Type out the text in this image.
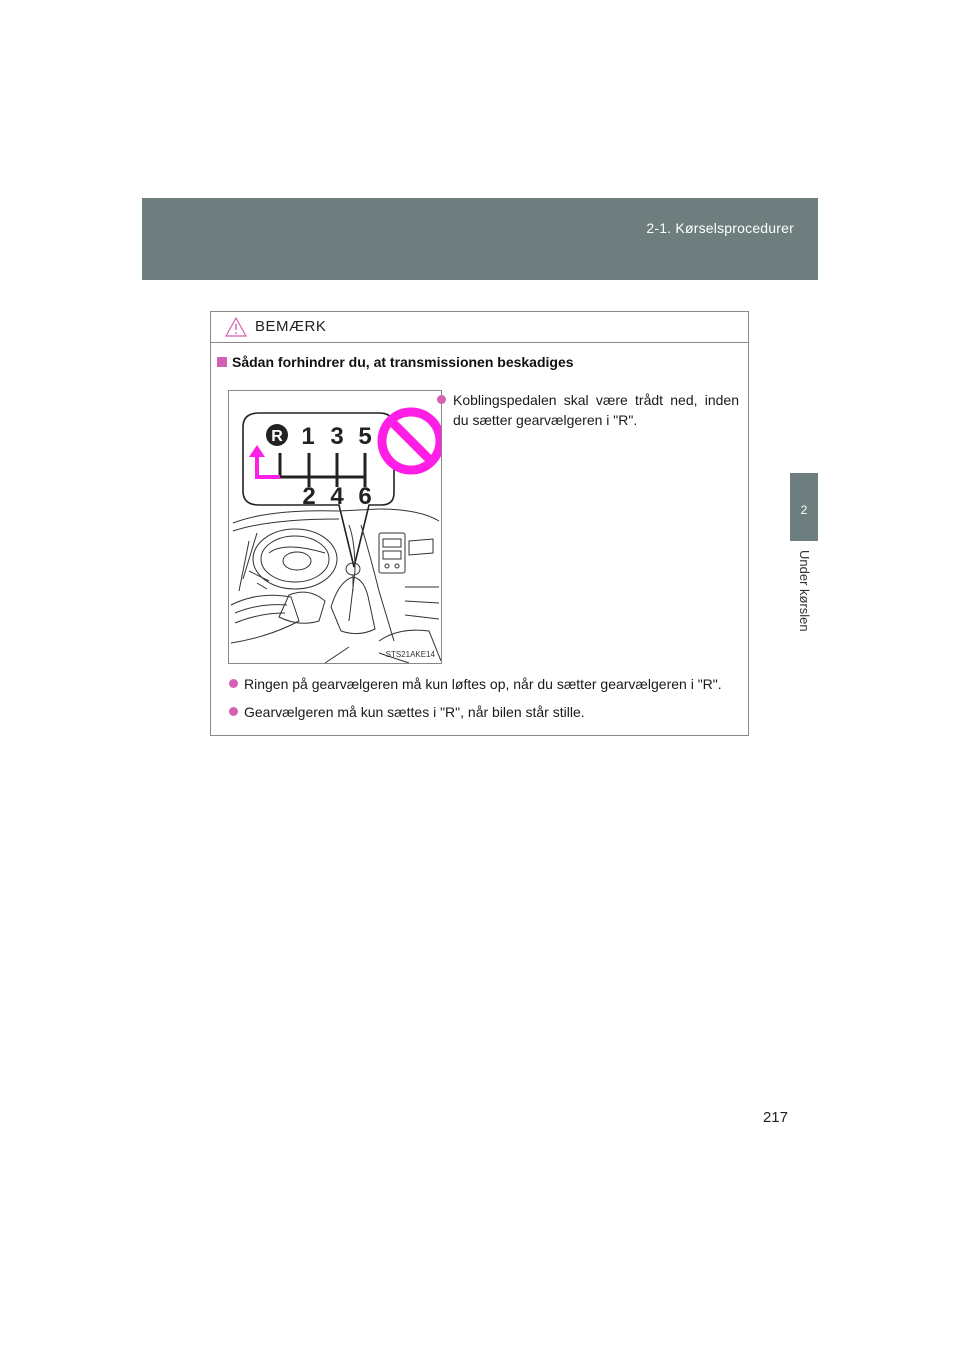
2-1. Kørselsprocedurer
2
Under kørslen
BEMÆRK
Sådan forhindrer du, at transmissionen beskadiges
R 1 3 5
2 4 6
STS21AKE14
Koblingspedalen skal være trådt ned, inden du sætter gearvælgeren i "R".
Ringen på gearvælgeren må kun løftes op, når du sætter gearvælgeren i "R".
Gearvælgeren må kun sættes i "R", når bilen står stille.
217
